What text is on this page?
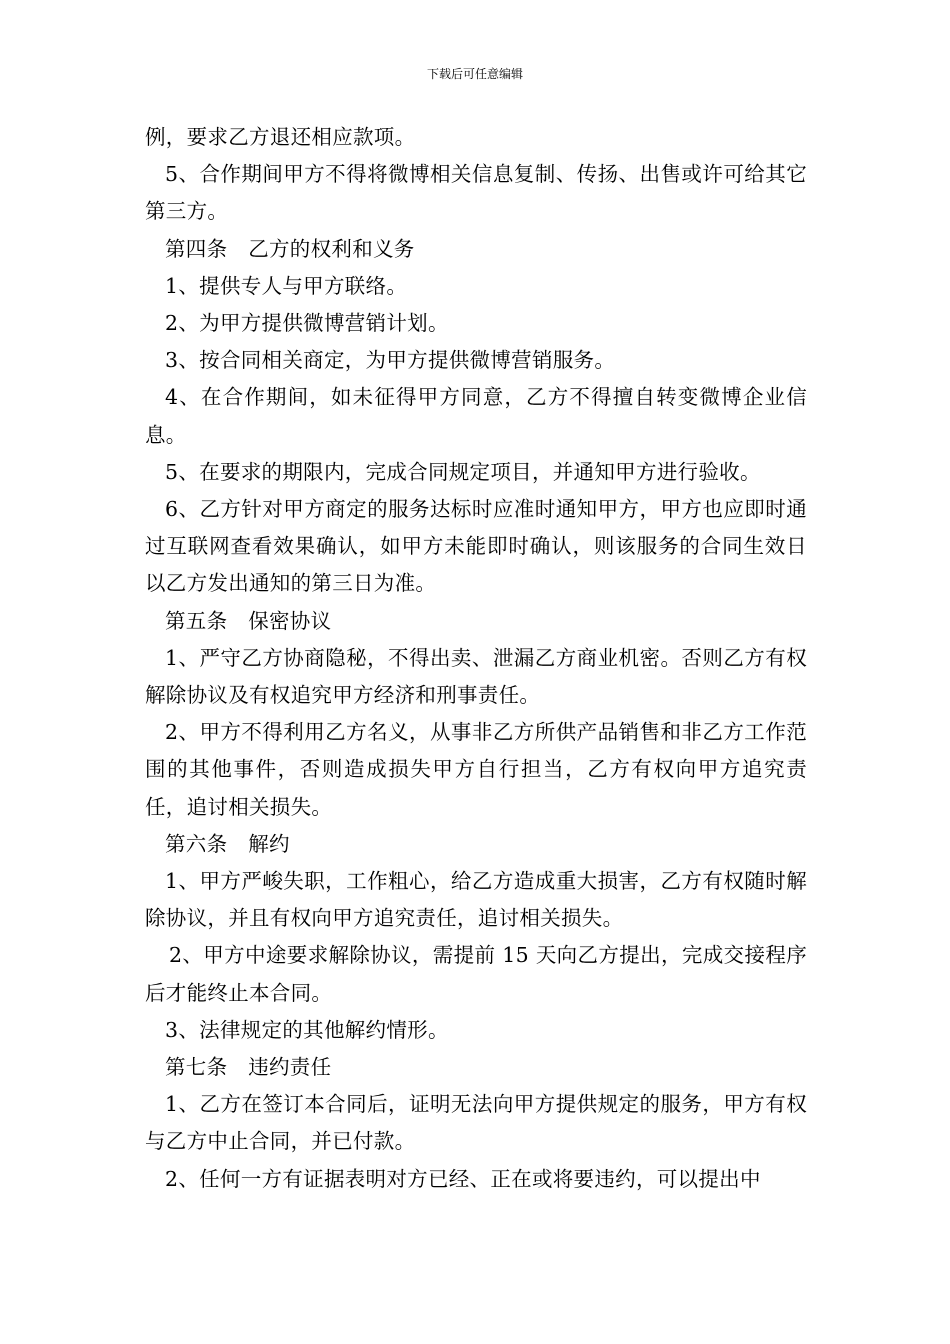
下载后可任意编辑

例，要求乙方退还相应款项。

5、合作期间甲方不得将微博相关信息复制、传扬、出售或许可给其它第三方。

第四条　乙方的权利和义务

1、提供专人与甲方联络。

2、为甲方提供微博营销计划。

3、按合同相关商定，为甲方提供微博营销服务。

4、在合作期间，如未征得甲方同意，乙方不得擅自转变微博企业信息。

5、在要求的期限内，完成合同规定项目，并通知甲方进行验收。

6、乙方针对甲方商定的服务达标时应准时通知甲方，甲方也应即时通过互联网查看效果确认，如甲方未能即时确认，则该服务的合同生效日以乙方发出通知的第三日为准。

第五条　保密协议

1、严守乙方协商隐秘，不得出卖、泄漏乙方商业机密。否则乙方有权解除协议及有权追究甲方经济和刑事责任。

2、甲方不得利用乙方名义，从事非乙方所供产品销售和非乙方工作范围的其他事件，否则造成损失甲方自行担当，乙方有权向甲方追究责任，追讨相关损失。

第六条　解约

1、甲方严峻失职，工作粗心，给乙方造成重大损害，乙方有权随时解除协议，并且有权向甲方追究责任，追讨相关损失。

2、甲方中途要求解除协议，需提前 15 天向乙方提出，完成交接程序后才能终止本合同。

3、法律规定的其他解约情形。

第七条　违约责任

1、乙方在签订本合同后，证明无法向甲方提供规定的服务，甲方有权与乙方中止合同，并已付款。

2、任何一方有证据表明对方已经、正在或将要违约，可以提出中
